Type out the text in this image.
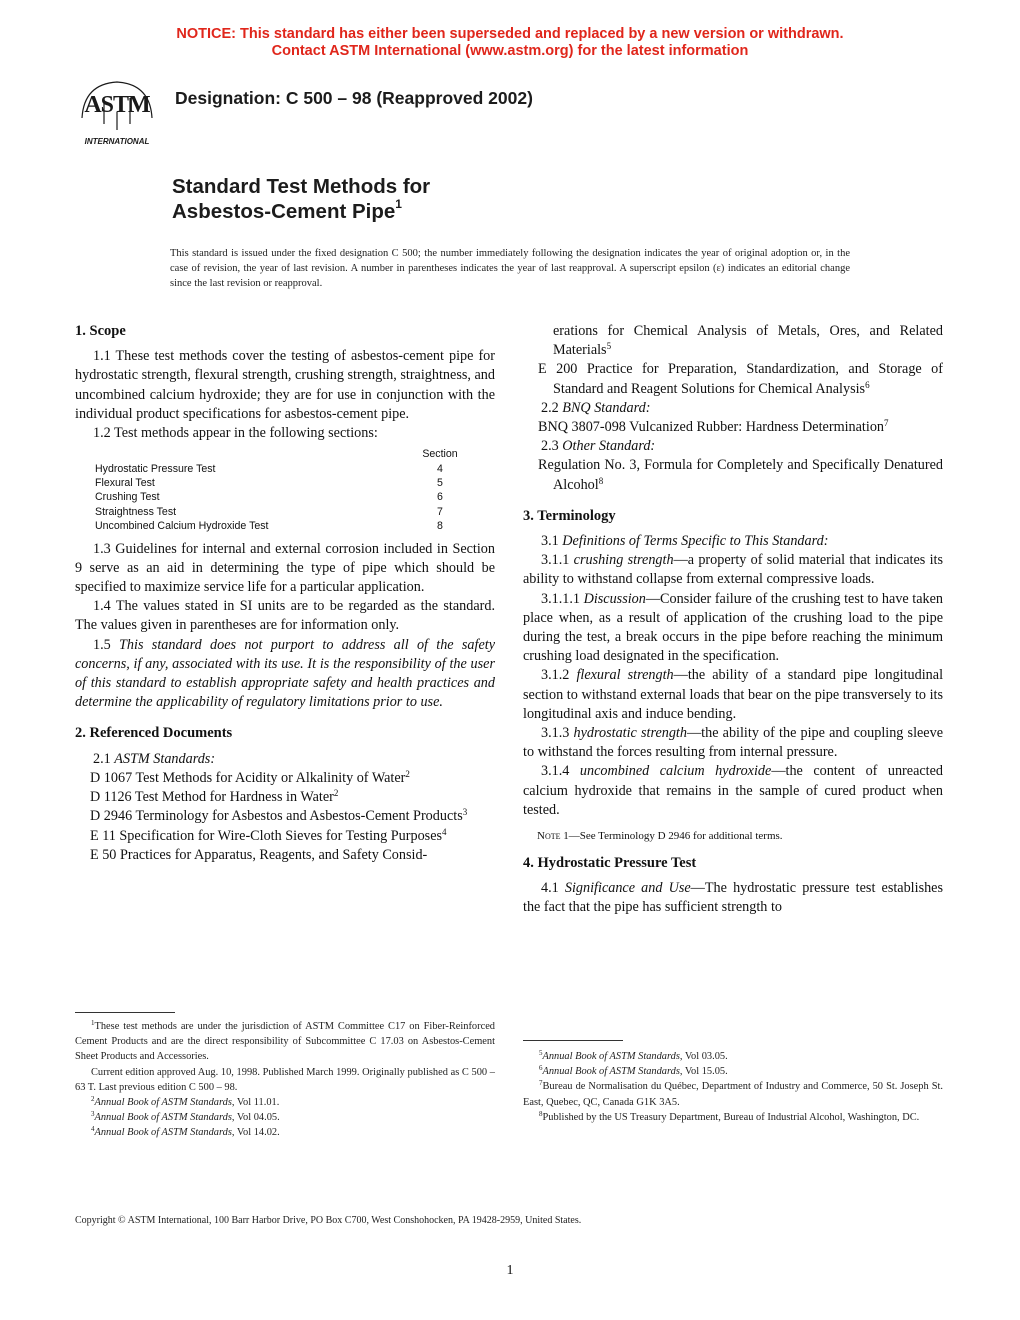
NOTICE: This standard has either been superseded and replaced by a new version or withdrawn.
Contact ASTM International (www.astm.org) for the latest information
ASTM
INTERNATIONAL
Designation: C 500 – 98 (Reapproved 2002)
Standard Test Methods for
Asbestos-Cement Pipe$^1$
This standard is issued under the fixed designation C 500; the number immediately following the designation indicates the year of original adoption or, in the case of revision, the year of last revision. A number in parentheses indicates the year of last reapproval. A superscript epsilon (ε) indicates an editorial change since the last revision or reapproval.

1. Scope

1.1 These test methods cover the testing of asbestos-cement pipe for hydrostatic strength, flexural strength, crushing strength, straightness, and uncombined calcium hydroxide; they are for use in conjunction with the individual product specifications for asbestos-cement pipe.

1.2 Test methods appear in the following sections:

	Section
Hydrostatic Pressure Test	4
Flexural Test	5
Crushing Test	6
Straightness Test	7
Uncombined Calcium Hydroxide Test	8

1.3 Guidelines for internal and external corrosion included in Section 9 serve as an aid in determining the type of pipe which should be specified to maximize service life for a particular application.

1.4 The values stated in SI units are to be regarded as the standard. The values given in parentheses are for information only.

1.5 This standard does not purport to address all of the safety concerns, if any, associated with its use. It is the responsibility of the user of this standard to establish appropriate safety and health practices and determine the applicability of regulatory limitations prior to use.

2. Referenced Documents

2.1 ASTM Standards:

D 1067 Test Methods for Acidity or Alkalinity of Water$^2$

D 1126 Test Method for Hardness in Water$^2$

D 2946 Terminology for Asbestos and Asbestos-Cement Products$^3$

E 11 Specification for Wire-Cloth Sieves for Testing Purposes$^4$

E 50 Practices for Apparatus, Reagents, and Safety Consid-

erations for Chemical Analysis of Metals, Ores, and Related Materials$^5$

E 200 Practice for Preparation, Standardization, and Storage of Standard and Reagent Solutions for Chemical Analysis$^6$

2.2 BNQ Standard:

BNQ 3807-098 Vulcanized Rubber: Hardness Determination$^7$

2.3 Other Standard:

Regulation No. 3, Formula for Completely and Specifically Denatured Alcohol$^8$

3. Terminology

3.1 Definitions of Terms Specific to This Standard:

3.1.1 crushing strength—a property of solid material that indicates its ability to withstand collapse from external compressive loads.

3.1.1.1 Discussion—Consider failure of the crushing test to have taken place when, as a result of application of the crushing load to the pipe during the test, a break occurs in the pipe before reaching the minimum crushing load designated in the specification.

3.1.2 flexural strength—the ability of a standard pipe longitudinal section to withstand external loads that bear on the pipe transversely to its longitudinal axis and induce bending.

3.1.3 hydrostatic strength—the ability of the pipe and coupling sleeve to withstand the forces resulting from internal pressure.

3.1.4 uncombined calcium hydroxide—the content of unreacted calcium hydroxide that remains in the sample of cured product when tested.

Note 1—See Terminology D 2946 for additional terms.

4. Hydrostatic Pressure Test

4.1 Significance and Use—The hydrostatic pressure test establishes the fact that the pipe has sufficient strength to

$^1$These test methods are under the jurisdiction of ASTM Committee C17 on Fiber-Reinforced Cement Products and are the direct responsibility of Subcommittee C 17.03 on Asbestos-Cement Sheet Products and Accessories.

Current edition approved Aug. 10, 1998. Published March 1999. Originally published as C 500 – 63 T. Last previous edition C 500 – 98.

$^2$Annual Book of ASTM Standards, Vol 11.01.

$^3$Annual Book of ASTM Standards, Vol 04.05.

$^4$Annual Book of ASTM Standards, Vol 14.02.

$^5$Annual Book of ASTM Standards, Vol 03.05.

$^6$Annual Book of ASTM Standards, Vol 15.05.

$^7$Bureau de Normalisation du Québec, Department of Industry and Commerce, 50 St. Joseph St. East, Quebec, QC, Canada G1K 3A5.

$^8$Published by the US Treasury Department, Bureau of Industrial Alcohol, Washington, DC.

Copyright © ASTM International, 100 Barr Harbor Drive, PO Box C700, West Conshohocken, PA 19428-2959, United States.
1
